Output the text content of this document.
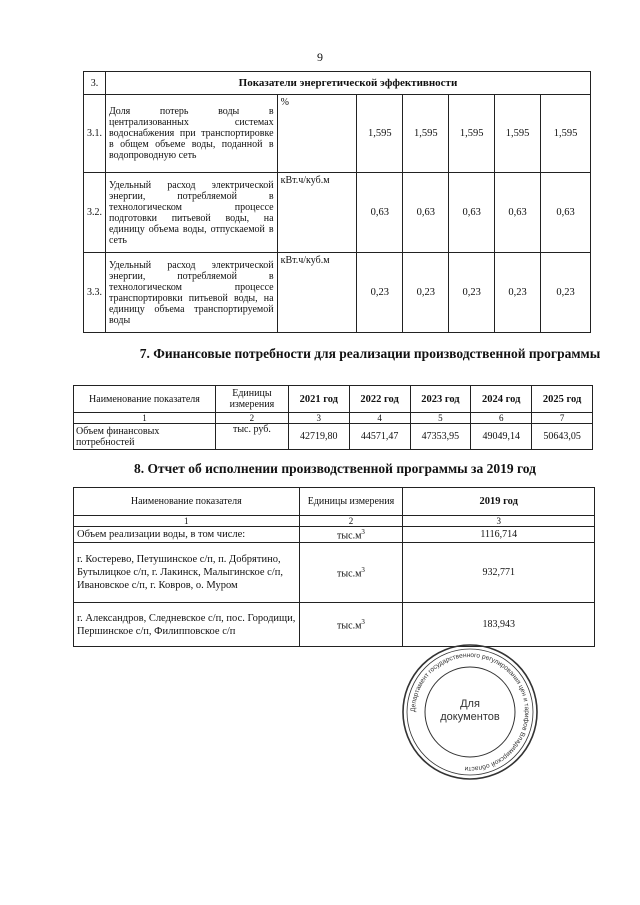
9
3.	Показатели энергетической эффективности						
3.1.	Доля потерь воды в централизованных системах водоснабжения при транспортировке в общем объеме воды, поданной в водопроводную сеть	%	1,595	1,595	1,595	1,595	1,595
3.2.	Удельный расход электрической энергии, потребляемой в технологическом процессе подготовки питьевой воды, на единицу объема воды, отпускаемой в сеть	кВт.ч/куб.м	0,63	0,63	0,63	0,63	0,63
3.3.	Удельный расход электрической энергии, потребляемой в технологическом процессе транспортировки питьевой воды, на единицу объема транспортируемой воды	кВт.ч/куб.м	0,23	0,23	0,23	0,23	0,23
7. Финансовые потребности для реализации производственной программы
Наименование показателя	Единицы измерения	2021 год	2022 год	2023 год	2024 год	2025 год
1	2	3	4	5	6	7
Объем финансовых потребностей	тыс. руб.	42719,80	44571,47	47353,95	49049,14	50643,05
8. Отчет об исполнении производственной программы за 2019 год
Наименование показателя	Единицы измерения	2019 год
1	2	3
Объем реализации воды, в том числе:	$тыс.м^3$	1116,714
г. Костерево, Петушинское с/п, п. Добрятино, Бутылицкое с/п, г. Лакинск, Малыгинское с/п, Ивановское с/п, г. Ковров, о. Муром	$тыс.м^3$	932,771
г. Александров, Следневское с/п, пос. Городищи, Першинское с/п, Филипповское с/п	$тыс.м^3$	183,943
Департамент государственного регулирования цен и тарифов Владимирской области
Для
документов
